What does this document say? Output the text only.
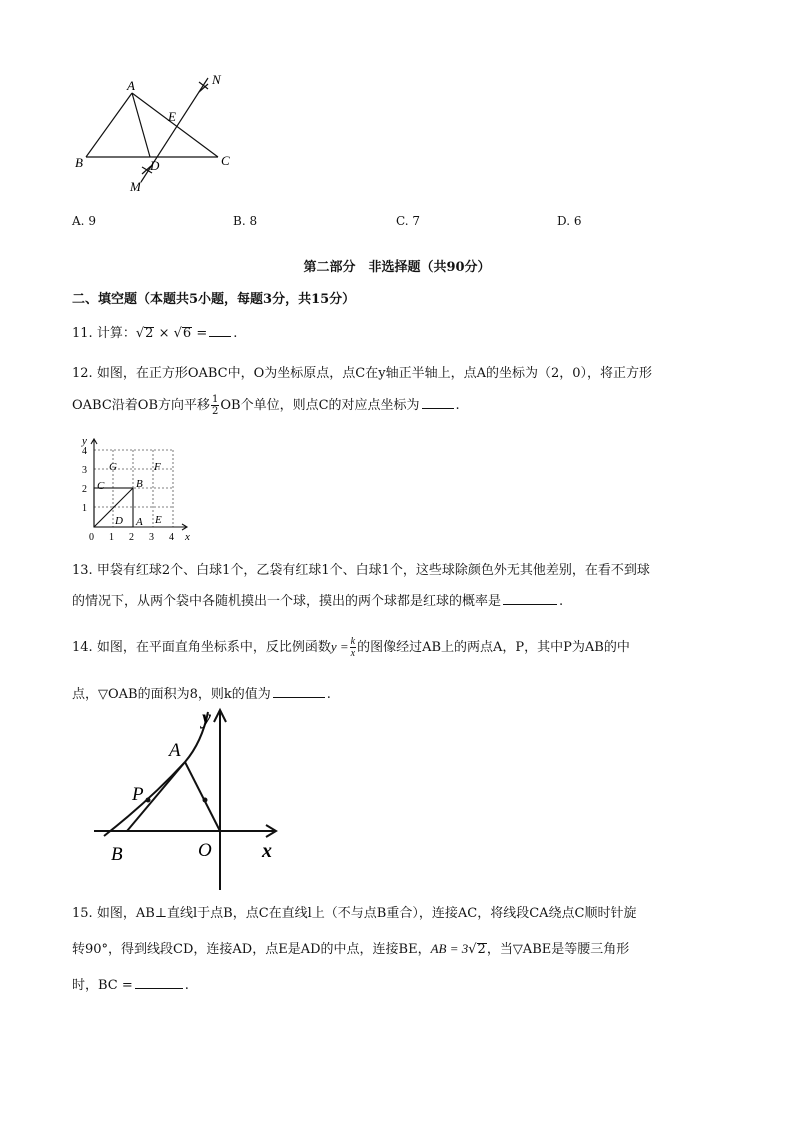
A
B	C
D
E
M
N
A. 9	B. 8	C. 7	D. 6
第二部分　非选择题（共90分）
二、填空题（本题共5小题，每题3分，共15分）
11. 计算：√2 × √6 = .
12. 如图，在正方形OABC中，O为坐标原点，点C在y轴正半轴上，点A的坐标为（2，0），将正方形
OABC沿着OB方向平移 $\frac{1}{2}$ OB个单位，则点C的对应点坐标为	.
y
x
4
3
2
1
0 1 2 3 4
G	F
C	B
D A E
13. 甲袋有红球2个、白球1个，乙袋有红球1个、白球1个，这些球除颜色外无其他差别，在看不到球
的情况下，从两个袋中各随机摸出一个球，摸出的两个球都是红球的概率是	.
14. 如图，在平面直角坐标系中，反比例函数$y = \frac{k}{x}$ 的图像经过AB上的两点A，P，其中P为AB的中
点，▽OAB的面积为8，则k的值为	.
y
x
A
P
B	O
15. 如图，AB⊥直线l于点B，点C在直线l上（不与点B重合），连接AC，将线段CA绕点C顺时针旋
转90°，得到线段CD，连接AD，点E是AD的中点，连接BE，AB = 3√2，当▽ABE是等腰三角形
时，BC =	.
